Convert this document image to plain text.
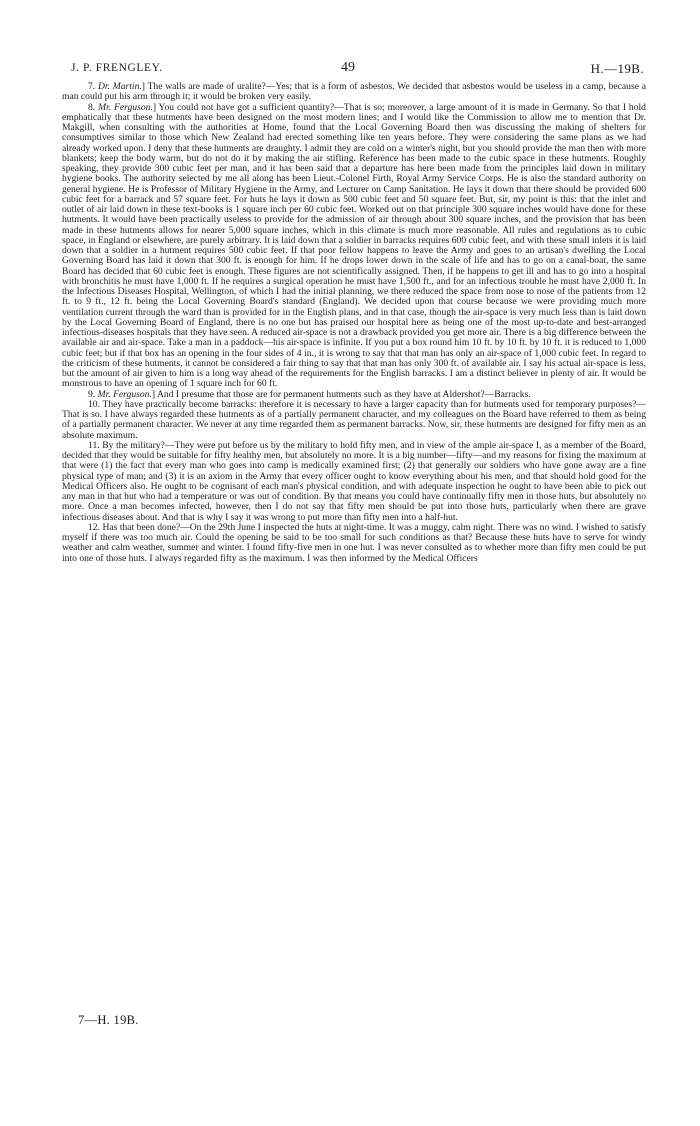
J. P. FRENGLEY.	49	H.—19B.

7. Dr. Martin.] The walls are made of uralite?—Yes; that is a form of asbestos. We decided that asbestos would be useless in a camp, because a man could put his arm through it; it would be broken very easily.

8. Mr. Ferguson.] You could not have got a sufficient quantity?—That is so; moreover, a large amount of it is made in Germany. So that I hold emphatically that these hutments have been designed on the most modern lines; and I would like the Commission to allow me to mention that Dr. Makgill, when consulting with the authorities at Home, found that the Local Governing Board then was discussing the making of shelters for consumptives similar to those which New Zealand had erected something like ten years before. They were considering the same plans as we had already worked upon. I deny that these hutments are draughty. I admit they are cold on a winter's night, but you should provide the man then with more blankets; keep the body warm, but do not do it by making the air stifling. Reference has been made to the cubic space in these hutments. Roughly speaking, they provide 300 cubic feet per man, and it has been said that a departure has here been made from the principles laid down in military hygiene books. The authority selected by me all along has been Lieut.-Colonel Firth, Royal Army Service Corps. He is also the standard authority on general hygiene. He is Professor of Military Hygiene in the Army, and Lecturer on Camp Sanitation. He lays it down that there should be provided 600 cubic feet for a barrack and 57 square feet. For huts he lays it down as 500 cubic feet and 50 square feet. But, sir, my point is this: that the inlet and outlet of air laid down in these text-books is 1 square inch per 60 cubic feet. Worked out on that principle 300 square inches would have done for these hutments. It would have been practically useless to provide for the admission of air through about 300 square inches, and the provision that has been made in these hutments allows for nearer 5,000 square inches, which in this climate is much more reasonable. All rules and regulations as to cubic space, in England or elsewhere, are purely arbitrary. It is laid down that a soldier in barracks requires 600 cubic feet, and with these small inlets it is laid down that a soldier in a hutment requires 500 cubic feet. If that poor fellow happens to leave the Army and goes to an artisan's dwelling the Local Governing Board has laid it down that 300 ft. is enough for him. If he drops lower down in the scale of life and has to go on a canal-boat, the same Board has decided that 60 cubic feet is enough. These figures are not scientifically assigned. Then, if he happens to get ill and has to go into a hospital with bronchitis he must have 1,000 ft. If he requires a surgical operation he must have 1,500 ft., and for an infectious trouble he must have 2,000 ft. In the Infectious Diseases Hospital, Wellington, of which I had the initial planning, we there reduced the space from nose to nose of the patients from 12 ft. to 9 ft., 12 ft. being the Local Governing Board's standard (England). We decided upon that course because we were providing much more ventilation current through the ward than is provided for in the English plans, and in that case, though the air-space is very much less than is laid down by the Local Governing Board of England, there is no one but has praised our hospital here as being one of the most up-to-date and best-arranged infectious-diseases hospitals that they have seen. A reduced air-space is not a drawback provided you get more air. There is a big difference between the available air and air-space. Take a man in a paddock—his air-space is infinite. If you put a box round him 10 ft. by 10 ft. by 10 ft. it is reduced to 1,000 cubic feet; but if that box has an opening in the four sides of 4 in., it is wrong to say that that man has only an air-space of 1,000 cubic feet. In regard to the criticism of these hutments, it cannot be considered a fair thing to say that that man has only 300 ft. of available air. I say his actual air-space is less, but the amount of air given to him is a long way ahead of the requirements for the English barracks. I am a distinct believer in plenty of air. It would be monstrous to have an opening of 1 square inch for 60 ft.

9. Mr. Ferguson.] And I presume that those are for permanent hutments such as they have at Aldershot?—Barracks.

10. They have practically become barracks: therefore it is necessary to have a larger capacity than for hutments used for temporary purposes?—That is so. I have always regarded these hutments as of a partially permanent character, and my colleagues on the Board have referred to them as being of a partially permanent character. We never at any time regarded them as permanent barracks. Now, sir, these hutments are designed for fifty men as an absolute maximum.

11. By the military?—They were put before us by the military to hold fifty men, and in view of the ample air-space I, as a member of the Board, decided that they would be suitable for fifty healthy men, but absolutely no more. It is a big number—fifty—and my reasons for fixing the maximum at that were (1) the fact that every man who goes into camp is medically examined first; (2) that generally our soldiers who have gone away are a fine physical type of man; and (3) it is an axiom in the Army that every officer ought to know everything about his men, and that should hold good for the Medical Officers also. He ought to be cognisant of each man's physical condition, and with adequate inspection he ought to have been able to pick out any man in that hut who had a temperature or was out of condition. By that means you could have continually fifty men in those huts, but absolutely no more. Once a man becomes infected, however, then I do not say that fifty men should be put into those huts, particularly when there are grave infectious diseases about. And that is why I say it was wrong to put more than fifty men into a half-hut.

12. Has that been done?—On the 29th June I inspected the huts at night-time. It was a muggy, calm night. There was no wind. I wished to satisfy myself if there was too much air. Could the opening be said to be too small for such conditions as that? Because these huts have to serve for windy weather and calm weather, summer and winter. I found fifty-five men in one hut. I was never consulted as to whether more than fifty men could be put into one of those huts. I always regarded fifty as the maximum. I was then informed by the Medical Officers

7—H. 19B.
